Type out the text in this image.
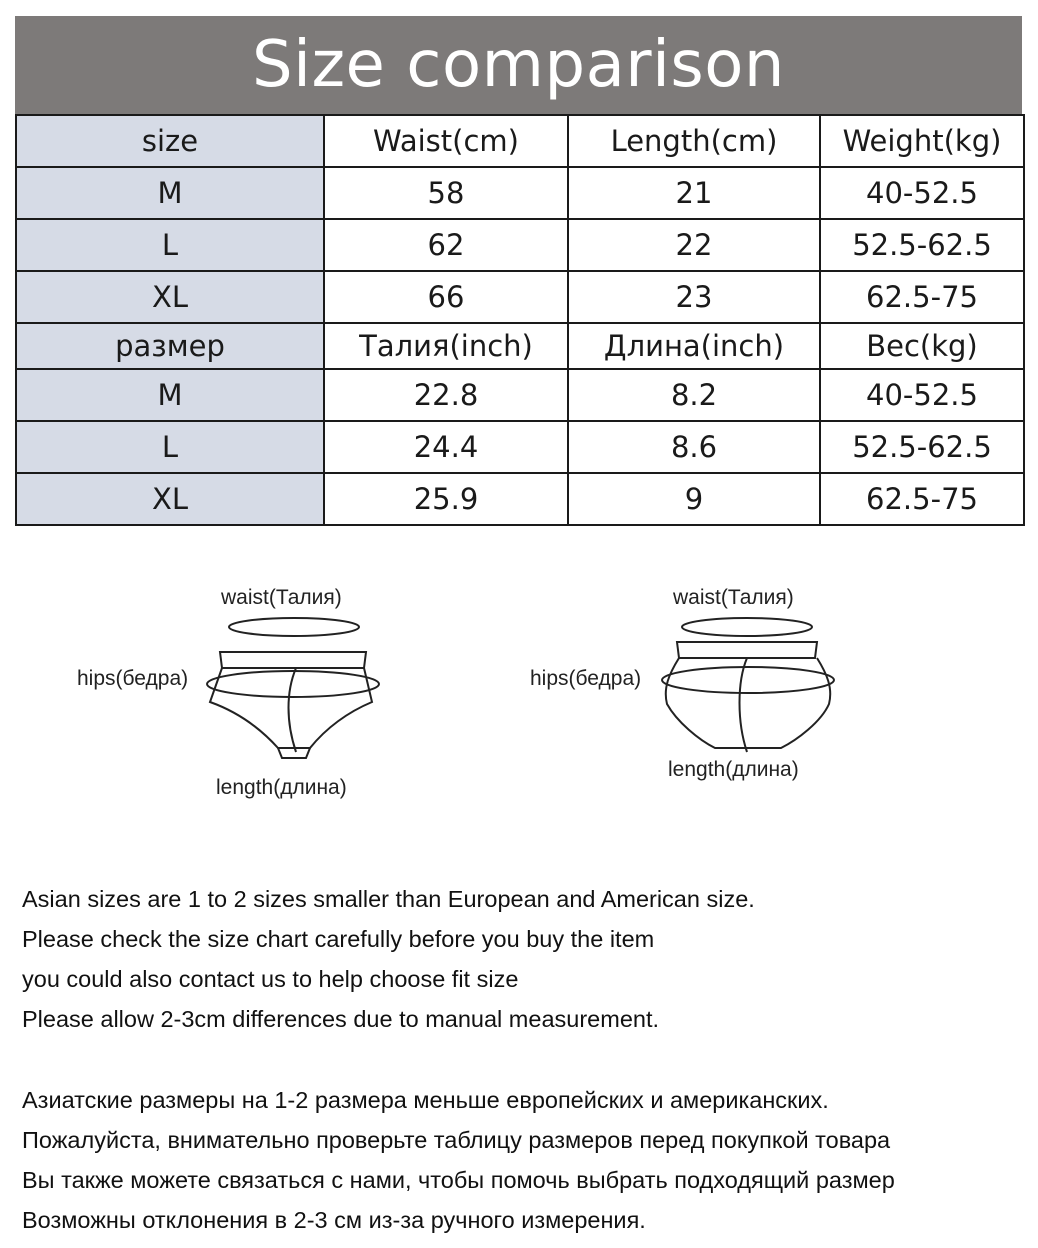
Size comparison
size	Waist(cm)	Length(cm)	Weight(kg)
M	58	21	40-52.5
L	62	22	52.5-62.5
XL	66	23	62.5-75
размер	Талия(inch)	Длина(inch)	Вес(kg)
M	22.8	8.2	40-52.5
L	24.4	8.6	52.5-62.5
XL	25.9	9	62.5-75
waist(Талия)
hips(бедра)
length(длина)
waist(Талия)
hips(бедра)
length(длина)

Asian sizes are 1 to 2 sizes smaller than European and American size.

Please check the size chart carefully before you buy the item

you could also contact us to help choose fit size

Please allow 2-3cm differences due to manual measurement.

Азиатские размеры на 1-2 размера меньше европейских и американских.

Пожалуйста, внимательно проверьте таблицу размеров перед покупкой товара

Вы также можете связаться с нами, чтобы помочь выбрать подходящий размер

Возможны отклонения в 2-3 см из-за ручного измерения.
